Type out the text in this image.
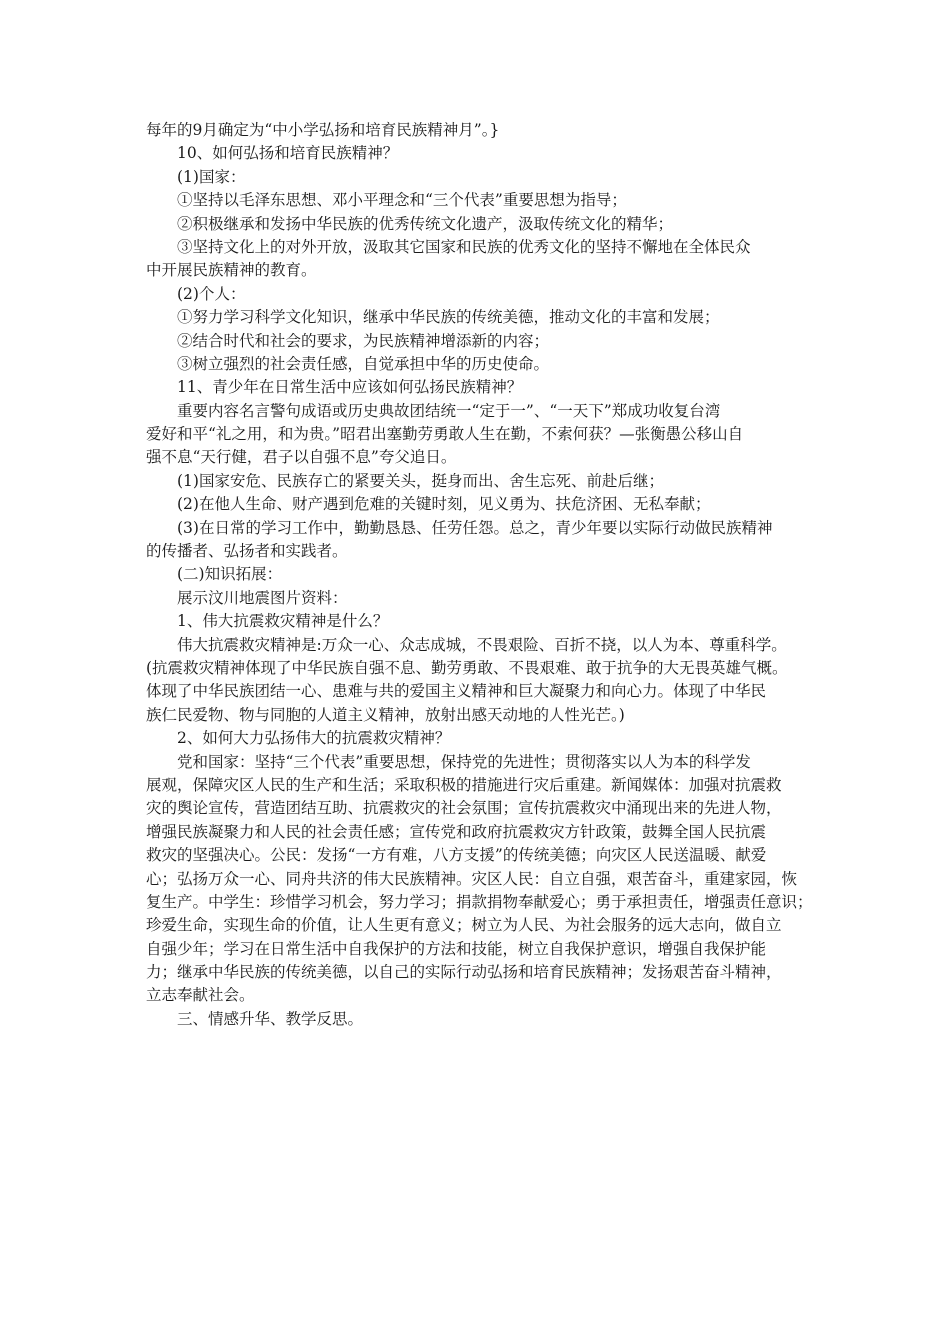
每年的9月确定为“中小学弘扬和培育民族精神月”。}
10、如何弘扬和培育民族精神？
(1)国家：
①坚持以毛泽东思想、邓小平理念和“三个代表”重要思想为指导；
②积极继承和发扬中华民族的优秀传统文化遗产，汲取传统文化的精华；
③坚持文化上的对外开放，汲取其它国家和民族的优秀文化的坚持不懈地在全体民众
中开展民族精神的教育。
(2)个人：
①努力学习科学文化知识，继承中华民族的传统美德，推动文化的丰富和发展；
②结合时代和社会的要求，为民族精神增添新的内容；
③树立强烈的社会责任感，自觉承担中华的历史使命。
11、青少年在日常生活中应该如何弘扬民族精神？
重要内容名言警句成语或历史典故团结统一“定于一”、“一天下”郑成功收复台湾
爱好和平“礼之用，和为贵。”昭君出塞勤劳勇敢人生在勤，不索何获？—张衡愚公移山自
强不息“天行健，君子以自强不息”夸父追日。
(1)国家安危、民族存亡的紧要关头，挺身而出、舍生忘死、前赴后继；
(2)在他人生命、财产遇到危难的关键时刻，见义勇为、扶危济困、无私奉献；
(3)在日常的学习工作中，勤勤恳恳、任劳任怨。总之，青少年要以实际行动做民族精神
的传播者、弘扬者和实践者。
(二)知识拓展：
展示汶川地震图片资料：
1、伟大抗震救灾精神是什么？
伟大抗震救灾精神是:万众一心、众志成城，不畏艰险、百折不挠，以人为本、尊重科学。
(抗震救灾精神体现了中华民族自强不息、勤劳勇敢、不畏艰难、敢于抗争的大无畏英雄气概。
体现了中华民族团结一心、患难与共的爱国主义精神和巨大凝聚力和向心力。体现了中华民
族仁民爱物、物与同胞的人道主义精神，放射出感天动地的人性光芒。)
2、如何大力弘扬伟大的抗震救灾精神？
党和国家：坚持“三个代表”重要思想，保持党的先进性；贯彻落实以人为本的科学发
展观，保障灾区人民的生产和生活；采取积极的措施进行灾后重建。新闻媒体：加强对抗震救
灾的舆论宣传，营造团结互助、抗震救灾的社会氛围；宣传抗震救灾中涌现出来的先进人物，
增强民族凝聚力和人民的社会责任感；宣传党和政府抗震救灾方针政策，鼓舞全国人民抗震
救灾的坚强决心。公民：发扬“一方有难，八方支援”的传统美德；向灾区人民送温暖、献爱
心；弘扬万众一心、同舟共济的伟大民族精神。灾区人民：自立自强，艰苦奋斗，重建家园，恢
复生产。中学生：珍惜学习机会，努力学习；捐款捐物奉献爱心；勇于承担责任，增强责任意识；
珍爱生命，实现生命的价值，让人生更有意义；树立为人民、为社会服务的远大志向，做自立
自强少年；学习在日常生活中自我保护的方法和技能，树立自我保护意识，增强自我保护能
力；继承中华民族的传统美德，以自己的实际行动弘扬和培育民族精神；发扬艰苦奋斗精神，
立志奉献社会。
三、情感升华、教学反思。
